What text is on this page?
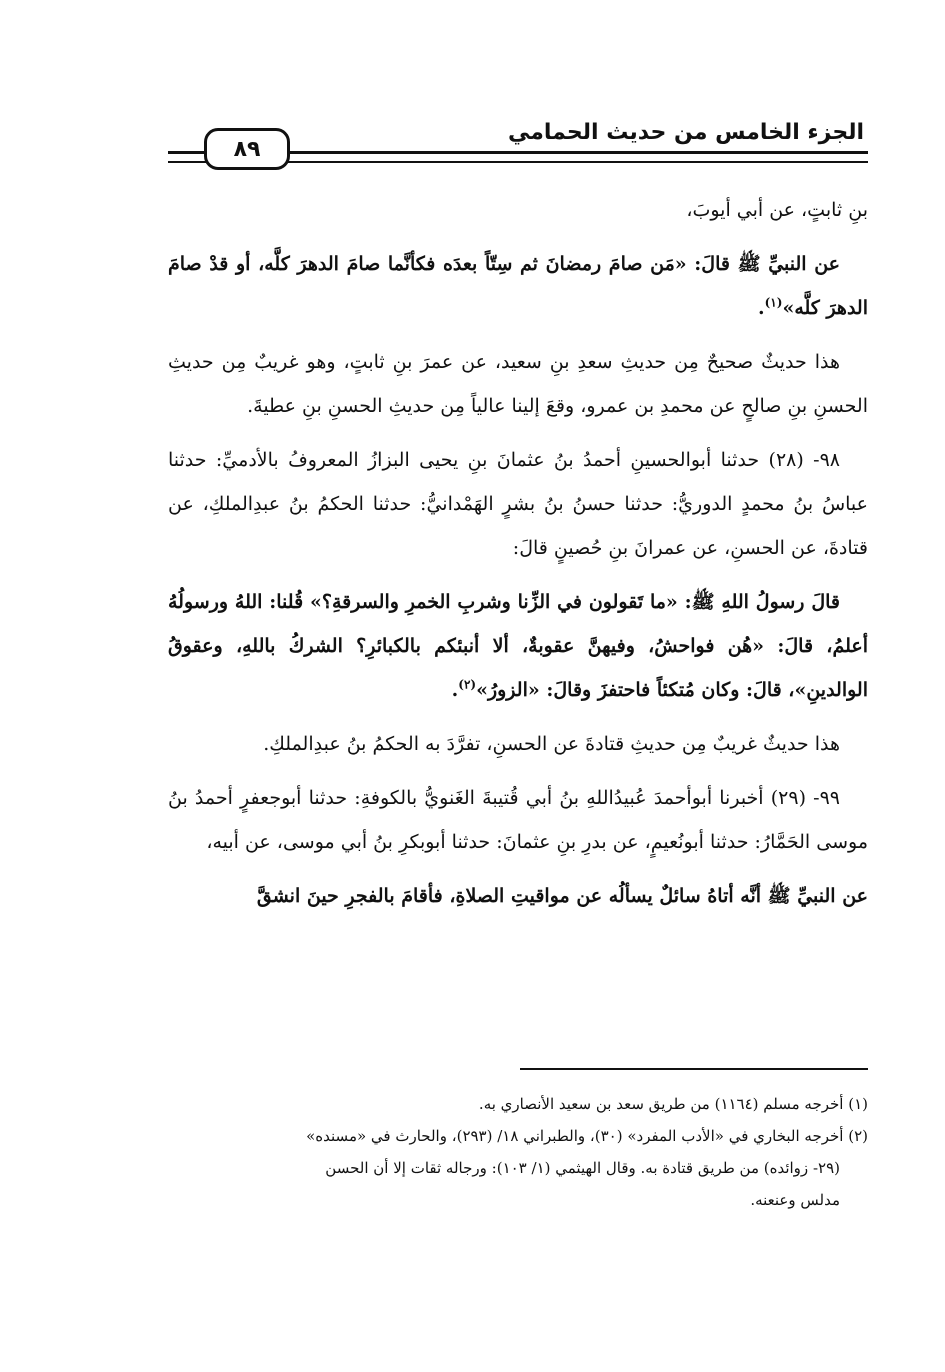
الجزء الخامس من حديث الحمامي
٨٩

بنِ ثابتٍ، عن أبي أيوبَ،

عن النبيِّ ﷺ قالَ: «مَن صامَ رمضانَ ثم سِتّاً بعدَه فكأنَّما صامَ الدهرَ كلَّه، أو قدْ صامَ الدهرَ كلَّه»$^{(١)}$.

هذا حديثٌ صحيحٌ مِن حديثِ سعدِ بنِ سعيد، عن عمرَ بنِ ثابتٍ، وهو غريبٌ مِن حديثِ الحسنِ بنِ صالحٍ عن محمدِ بن عمرو، وقعَ إلينا عالياً مِن حديثِ الحسنِ بنِ عطيةَ.

٩٨- (٢٨) حدثنا أبوالحسينِ أحمدُ بنُ عثمانَ بنِ يحيى البزازُ المعروفُ بالأدميِّ: حدثنا عباسُ بنُ محمدٍ الدوريُّ: حدثنا حسنُ بنُ بشرٍ الهَمْدانيُّ: حدثنا الحكمُ بنُ عبدِالملكِ، عن قتادةَ، عن الحسنِ، عن عمرانَ بنِ حُصينٍ قالَ:

قالَ رسولُ اللهِ ﷺ: «ما تَقولون في الزِّنا وشربِ الخمرِ والسرقةِ؟» قُلنا: اللهُ ورسولُهُ أعلمُ، قالَ: «هُن فواحشُ، وفيهنَّ عقوبةٌ، ألا أنبئكم بالكبائرِ؟ الشركُ باللهِ، وعقوقُ الوالدينِ»، قالَ: وكان مُتكئاً فاحتفزَ وقالَ: «الزورُ»$^{(٢)}$.

هذا حديثٌ غريبٌ مِن حديثِ قتادةَ عن الحسنِ، تفرَّدَ به الحكمُ بنُ عبدِالملكِ.

٩٩- (٢٩) أخبرنا أبوأحمدَ عُبيدُاللهِ بنُ أبي قُتيبةَ الغَنويُّ بالكوفةِ: حدثنا أبوجعفرٍ أحمدُ بنُ موسى الحَمَّارُ: حدثنا أبونُعيمٍ، عن بدرِ بنِ عثمانَ: حدثنا أبوبكرِ بنُ أبي موسى، عن أبيه،

عن النبيِّ ﷺ أنَّه أتاهُ سائلٌ يسألُه عن مواقيتِ الصلاةِ، فأقامَ بالفجرِ حينَ انشقَّ

(١) أخرجه مسلم (١١٦٤) من طريق سعد بن سعيد الأنصاري به.

(٢) أخرجه البخاري في «الأدب المفرد» (٣٠)، والطبراني ١٨/ (٢٩٣)، والحارث في «مسنده»

(٢٩- زوائده) من طريق قتادة به. وقال الهيثمي (١/ ١٠٣): ورجاله ثقات إلا أن الحسن

مدلس وعنعنه.
